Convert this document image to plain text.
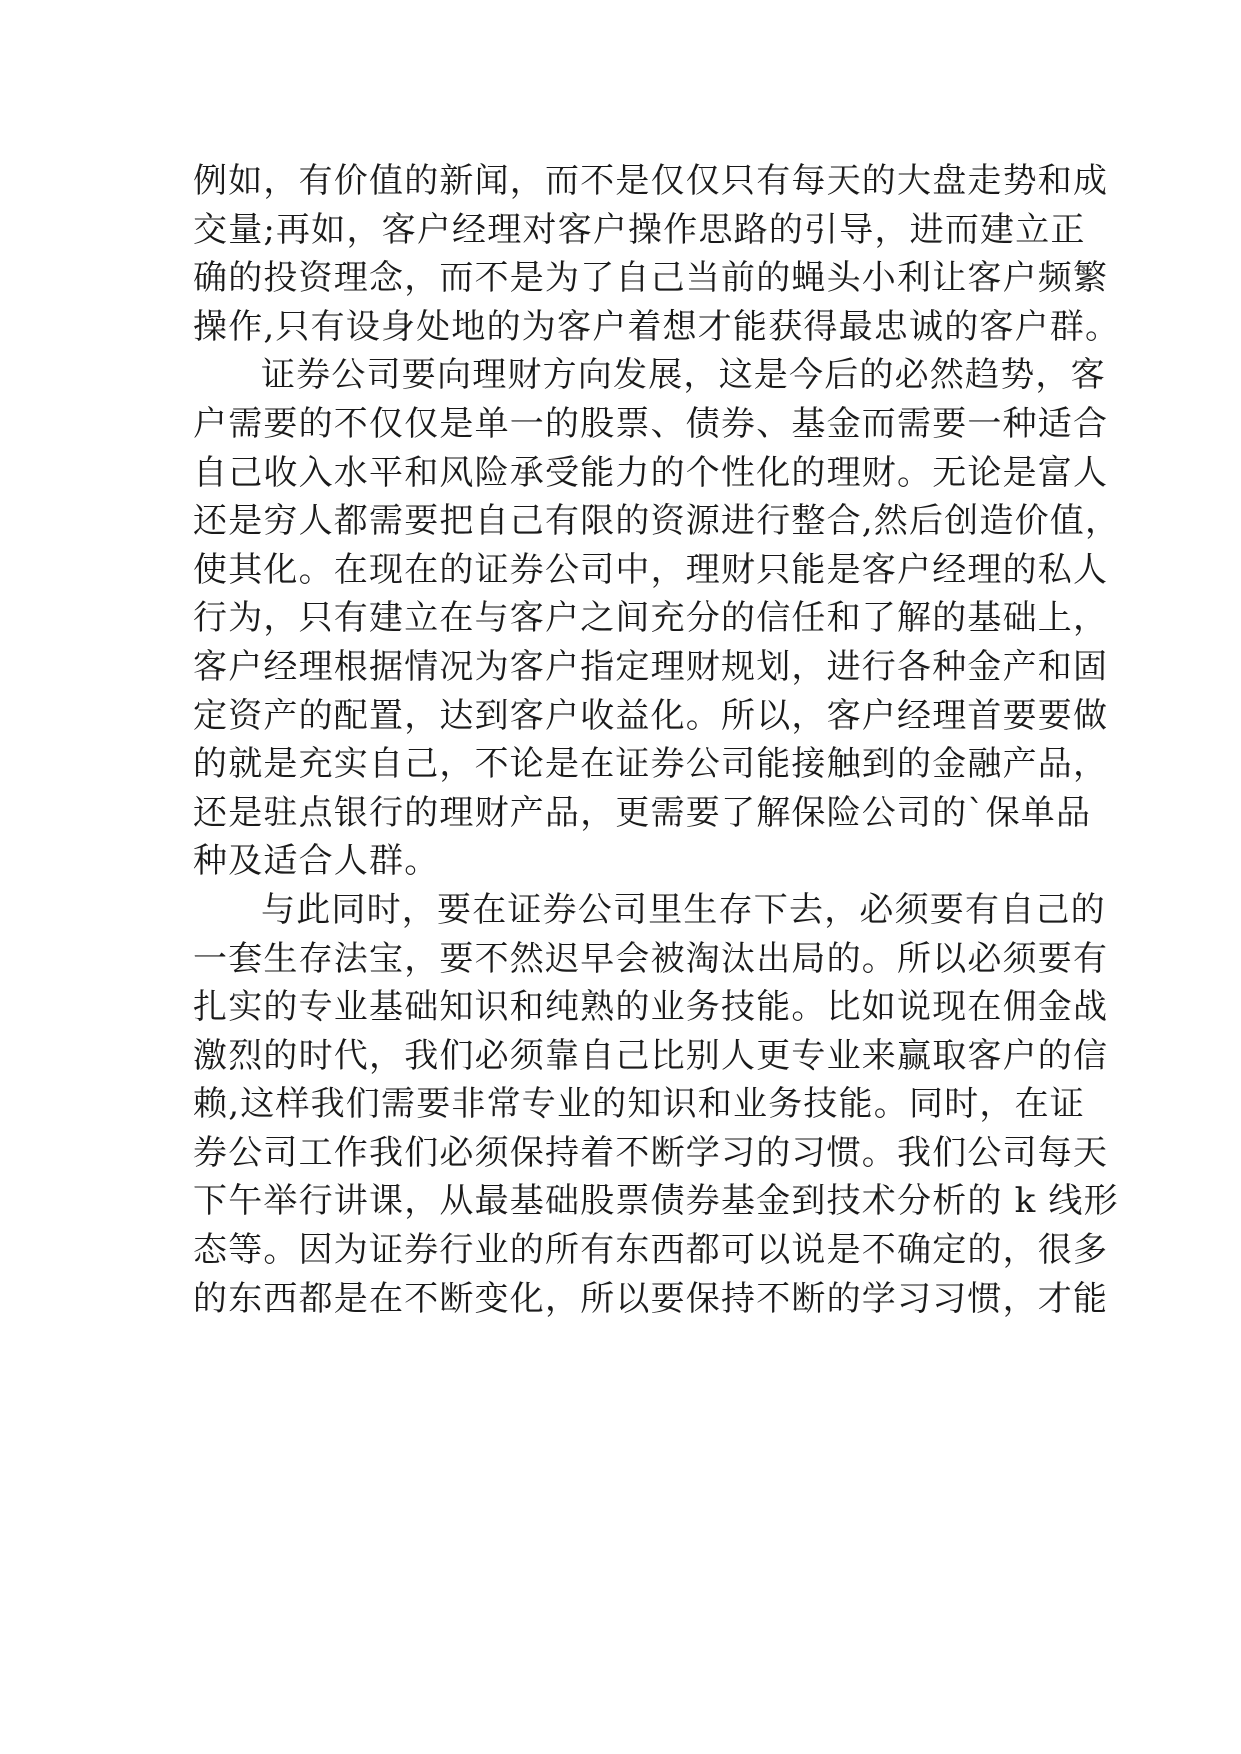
例如，有价值的新闻，而不是仅仅只有每天的大盘走势和成
交量;再如，客户经理对客户操作思路的引导，进而建立正
确的投资理念，而不是为了自己当前的蝇头小利让客户频繁
操作,只有设身处地的为客户着想才能获得最忠诚的客户群。
证券公司要向理财方向发展，这是今后的必然趋势，客
户需要的不仅仅是单一的股票、债券、基金而需要一种适合
自己收入水平和风险承受能力的个性化的理财。无论是富人
还是穷人都需要把自己有限的资源进行整合,然后创造价值，
使其化。在现在的证券公司中，理财只能是客户经理的私人
行为，只有建立在与客户之间充分的信任和了解的基础上，
客户经理根据情况为客户指定理财规划，进行各种金产和固
定资产的配置，达到客户收益化。所以，客户经理首要要做
的就是充实自己，不论是在证券公司能接触到的金融产品，
还是驻点银行的理财产品，更需要了解保险公司的`保单品
种及适合人群。
与此同时，要在证券公司里生存下去，必须要有自己的
一套生存法宝，要不然迟早会被淘汰出局的。所以必须要有
扎实的专业基础知识和纯熟的业务技能。比如说现在佣金战
激烈的时代，我们必须靠自己比别人更专业来赢取客户的信
赖,这样我们需要非常专业的知识和业务技能。同时，在证
券公司工作我们必须保持着不断学习的习惯。我们公司每天
下午举行讲课，从最基础股票债券基金到技术分析的 k 线形
态等。因为证券行业的所有东西都可以说是不确定的，很多
的东西都是在不断变化，所以要保持不断的学习习惯，才能
